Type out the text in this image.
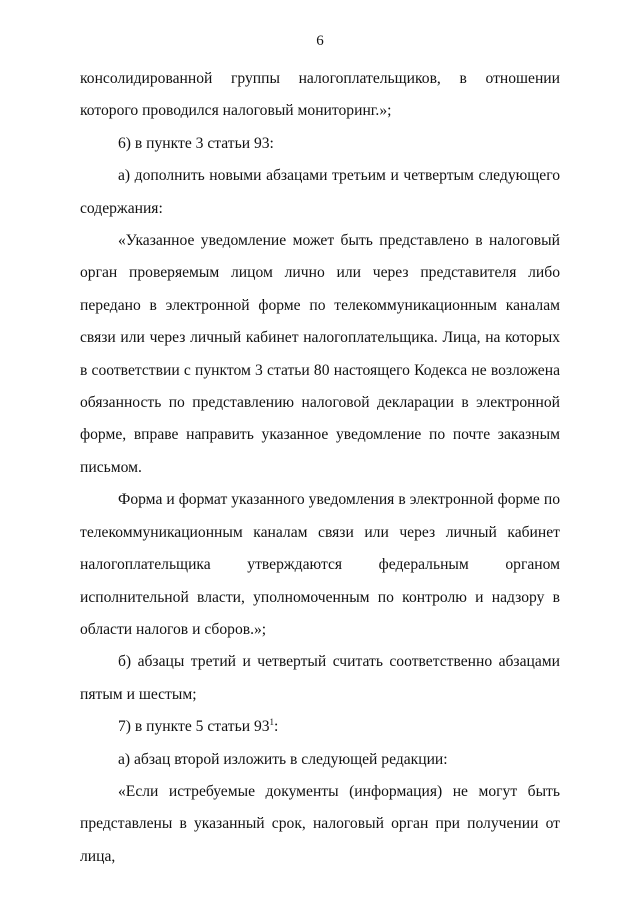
6

консолидированной группы налогоплательщиков, в отношении которого проводился налоговый мониторинг.»;

6) в пункте 3 статьи 93:

а) дополнить новыми абзацами третьим и четвертым следующего содержания:

«Указанное уведомление может быть представлено в налоговый орган проверяемым лицом лично или через представителя либо передано в электронной форме по телекоммуникационным каналам связи или через личный кабинет налогоплательщика. Лица, на которых в соответствии с пунктом 3 статьи 80 настоящего Кодекса не возложена обязанность по представлению налоговой декларации в электронной форме, вправе направить указанное уведомление по почте заказным письмом.

Форма и формат указанного уведомления в электронной форме по телекоммуникационным каналам связи или через личный кабинет налогоплательщика утверждаются федеральным органом исполнительной власти, уполномоченным по контролю и надзору в области налогов и сборов.»;

б) абзацы третий и четвертый считать соответственно абзацами пятым и шестым;

7) в пункте 5 статьи $93^1$:

а) абзац второй изложить в следующей редакции:

«Если истребуемые документы (информация) не могут быть представлены в указанный срок, налоговый орган при получении от лица,
